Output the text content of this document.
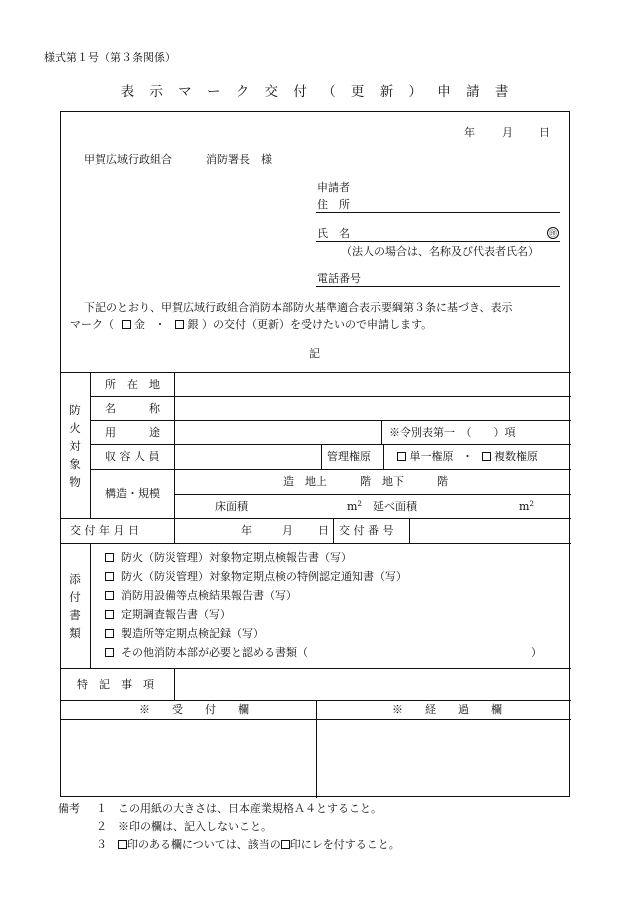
様式第１号（第３条関係）
表 示 マ ー ク 交 付 （ 更 新 ） 申 請 書
年 月 日
甲賀広域行政組合	消防署長　様
申請者
住　所
氏　名	㊞
（法人の場合は、名称及び代表者氏名）
電話番号
下記のとおり、甲賀広域行政組合消防本部防火基準適合表示要綱第３条に基づき、表示
マーク（ 金 ・ 銀 ）の交付（更新）を受けたいので申請します。
記
防
火
対
象
物
所　在　地
名　　　称
用　　　途	※令別表第一　（　　）項
収 容 人 員	管理権原	単一権原 ・ 複数権原
構造・規模
造　地上　　　階　地下　　　階
床面積	$m^2$ 延べ面積	$m^2$
交 付 年 月 日	年	月 日 交 付 番 号
添
付
書
類
防火（防災管理）対象物定期点検報告書（写）
防火（防災管理）対象物定期点検の特例認定通知書（写）
消防用設備等点検結果報告書（写）
定期調査報告書（写）
製造所等定期点検記録（写）
その他消防本部が必要と認める書類（	）
特　記　事　項
※　　受　　付　　欄	※　　経　　過　　欄
備考 １ この用紙の大きさは、日本産業規格Ａ４とすること。
２ ※印の欄は、記入しないこと。
３	印のある欄については、該当の 印にレを付すること。
